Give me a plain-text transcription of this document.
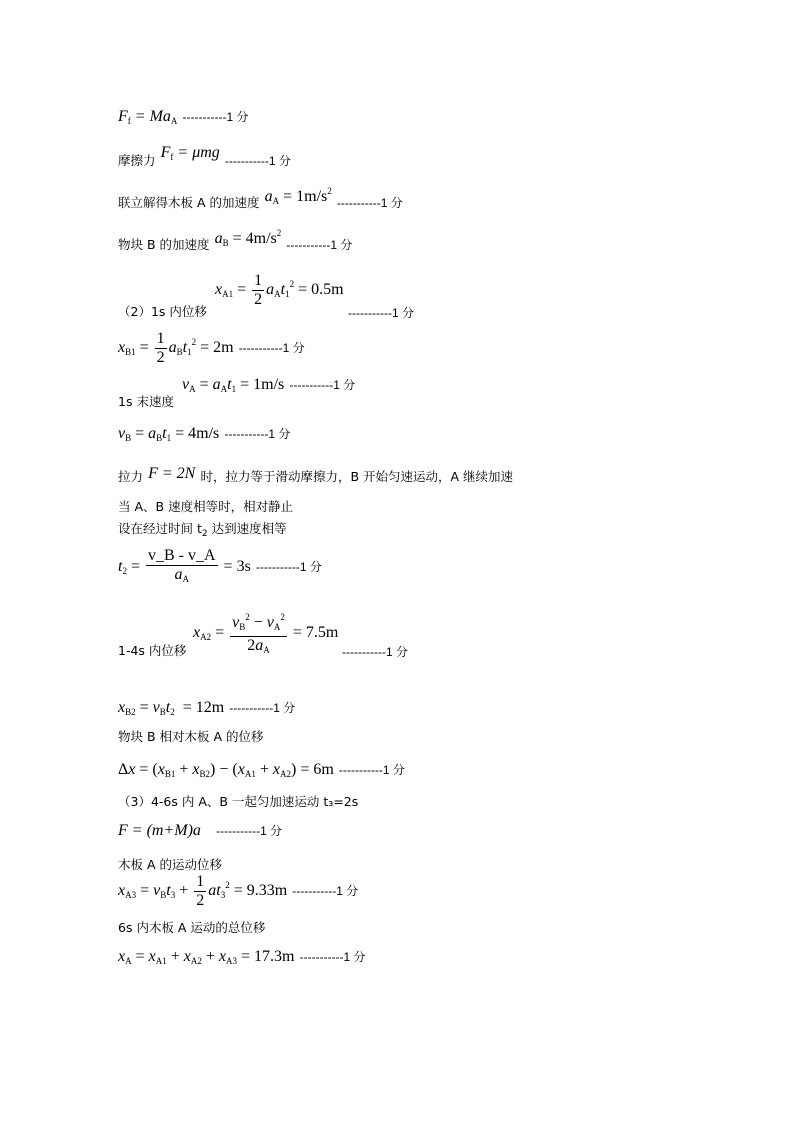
$F_f = Ma_A$ -----------1 分
摩擦力 $F_f = \mu mg$ -----------1 分
联立解得木板 A 的加速度 $a_A = 1m/s^2$ -----------1 分
物块 B 的加速度 $a_B = 4m/s^2$ -----------1 分
（2）1s 内位移
$x_{A1} = \frac{1}{2} a_At_1^2 = 0.5m$
-----------1 分
$x_{B1} = \frac{1}{2} a_Bt_1^2 = 2m$ -----------1 分
$v_A = a_At_1 = 1m/s$ -----------1 分
1s 末速度
$v_B = a_Bt_1 = 4m/s$ -----------1 分
拉力 F = 2N 时，拉力等于滑动摩擦力，B 开始匀速运动，A 继续加速
当 A、B 速度相等时，相对静止
设在经过时间 $t_2$ 达到速度相等
$t_2 = \frac{v\_B - v\_A}{a_A} = 3s$ -----------1 分
$x_{A2} = \frac{v_B^2 - v_A^2}{2a_A} = 7.5m$
1-4s 内位移	-----------1 分
$x_{B2} = v_Bt_2 = 12m$ -----------1 分
物块 B 相对木板 A 的位移
$\Delta x = (x_{B1} + x_{B2}) - (x_{A1} + x_{A2}) = 6m$ -----------1 分
（3）4-6s 内 A、B 一起匀加速运动 t₃=2s
F = (m+M)a -----------1 分
木板 A 的运动位移
$x_{A3} = v_Bt_3 + \frac{1}{2} at_3^2 = 9.33m$ -----------1 分
6s 内木板 A 运动的总位移
$x_A = x_{A1} + x_{A2} + x_{A3} = 17.3m$ -----------1 分
